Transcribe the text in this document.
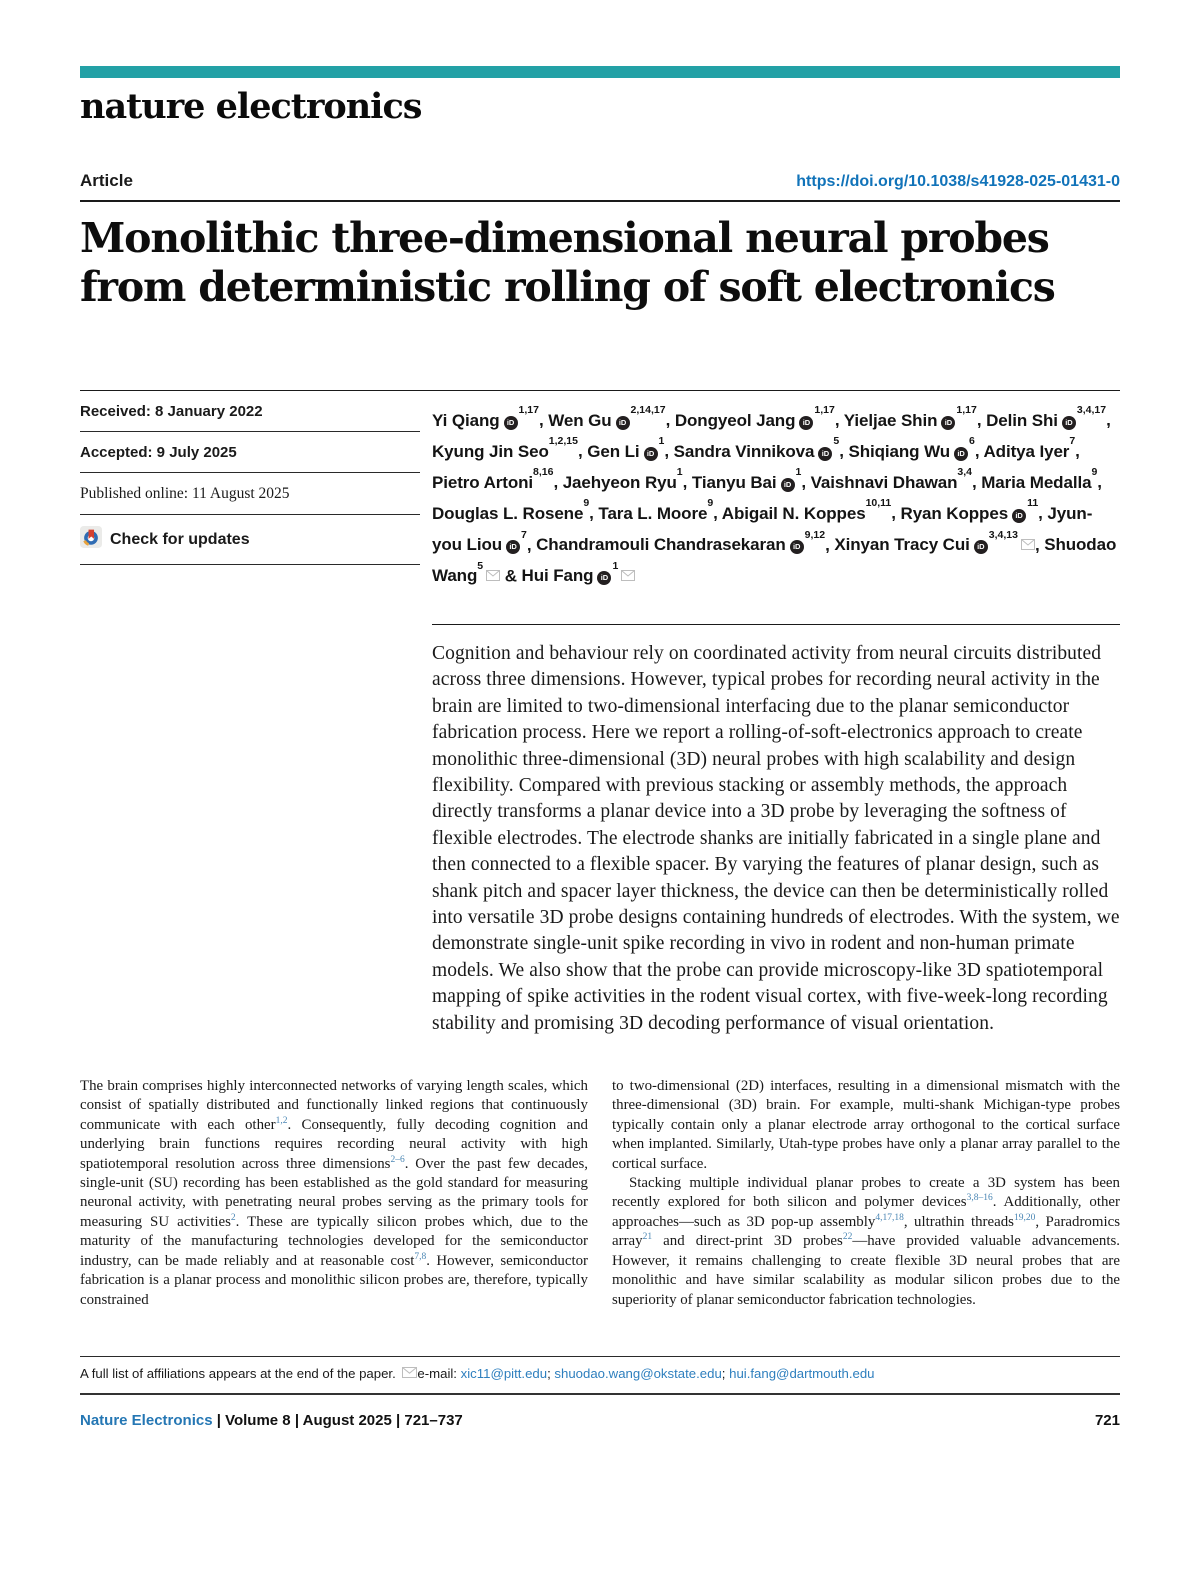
nature electronics
Article	https://doi.org/10.1038/s41928-025-01431-0
Monolithic three-dimensional neural probes from deterministic rolling of soft electronics
Received: 8 January 2022
Accepted: 9 July 2025
Published online: 11 August 2025
Check for updates
Yi Qiang iD$^{1,17}$, Wen Gu iD$^{2,14,17}$, Dongyeol Jang iD$^{1,17}$, Yieljae Shin iD$^{1,17}$, Delin Shi iD$^{3,4,17}$, Kyung Jin Seo$^{1,2,15}$, Gen Li $iD^1$, Sandra Vinnikova $iD^5$, Shiqiang Wu $iD^6$, Aditya Iyer$^7$, Pietro Artoni$^{8,16}$, Jaehyeon Ryu$^1$, Tianyu Bai $iD^1$, Vaishnavi Dhawan$^{3,4}$, Maria Medalla$^9$, Douglas L. Rosene$^9$, Tara L. Moore$^9$, Abigail N. Koppes$^{10,11}$, Ryan Koppes $iD^{11}$, Jyun-you Liou $iD^7$, Chandramouli Chandrasekaran iD$^{9,12}$, Xinyan Tracy Cui iD$^{3,4,13}$, Shuodao Wang$^5$ & Hui Fang $iD^1$

Cognition and behaviour rely on coordinated activity from neural circuits distributed across three dimensions. However, typical probes for recording neural activity in the brain are limited to two-dimensional interfacing due to the planar semiconductor fabrication process. Here we report a rolling-of-soft-electronics approach to create monolithic three-dimensional (3D) neural probes with high scalability and design flexibility. Compared with previous stacking or assembly methods, the approach directly transforms a planar device into a 3D probe by leveraging the softness of flexible electrodes. The electrode shanks are initially fabricated in a single plane and then connected to a flexible spacer. By varying the features of planar design, such as shank pitch and spacer layer thickness, the device can then be deterministically rolled into versatile 3D probe designs containing hundreds of electrodes. With the system, we demonstrate single-unit spike recording in vivo in rodent and non-human primate models. We also show that the probe can provide microscopy-like 3D spatiotemporal mapping of spike activities in the rodent visual cortex, with five-week-long recording stability and promising 3D decoding performance of visual orientation.

The brain comprises highly interconnected networks of varying length scales, which consist of spatially distributed and functionally linked regions that continuously communicate with each other$^{1,2}$. Consequently, fully decoding cognition and underlying brain functions requires recording neural activity with high spatiotemporal resolution across three dimensions$^{2-6}$. Over the past few decades, single-unit (SU) recording has been established as the gold standard for measuring neuronal activity, with penetrating neural probes serving as the primary tools for measuring SU activities$^2$. These are typically silicon probes which, due to the maturity of the manufacturing technologies developed for the semiconductor industry, can be made reliably and at reasonable cost$^{7,8}$. However, semiconductor fabrication is a planar process and monolithic silicon probes are, therefore, typically constrained

to two-dimensional (2D) interfaces, resulting in a dimensional mismatch with the three-dimensional (3D) brain. For example, multi-shank Michigan-type probes typically contain only a planar electrode array orthogonal to the cortical surface when implanted. Similarly, Utah-type probes have only a planar array parallel to the cortical surface.

Stacking multiple individual planar probes to create a 3D system has been recently explored for both silicon and polymer devices$^{3,8-16}$. Additionally, other approaches—such as 3D pop-up assembly$^{4,17,18}$, ultrathin threads$^{19,20}$, Paradromics array$^{21}$ and direct-print 3D probes$^{22}$—have provided valuable advancements. However, it remains challenging to create flexible 3D neural probes that are monolithic and have similar scalability as modular silicon probes due to the superiority of planar semiconductor fabrication technologies.

A full list of affiliations appears at the end of the paper. e-mail: xic11@pitt.edu; shuodao.wang@okstate.edu; hui.fang@dartmouth.edu
Nature Electronics | Volume 8 | August 2025 | 721–737	721
